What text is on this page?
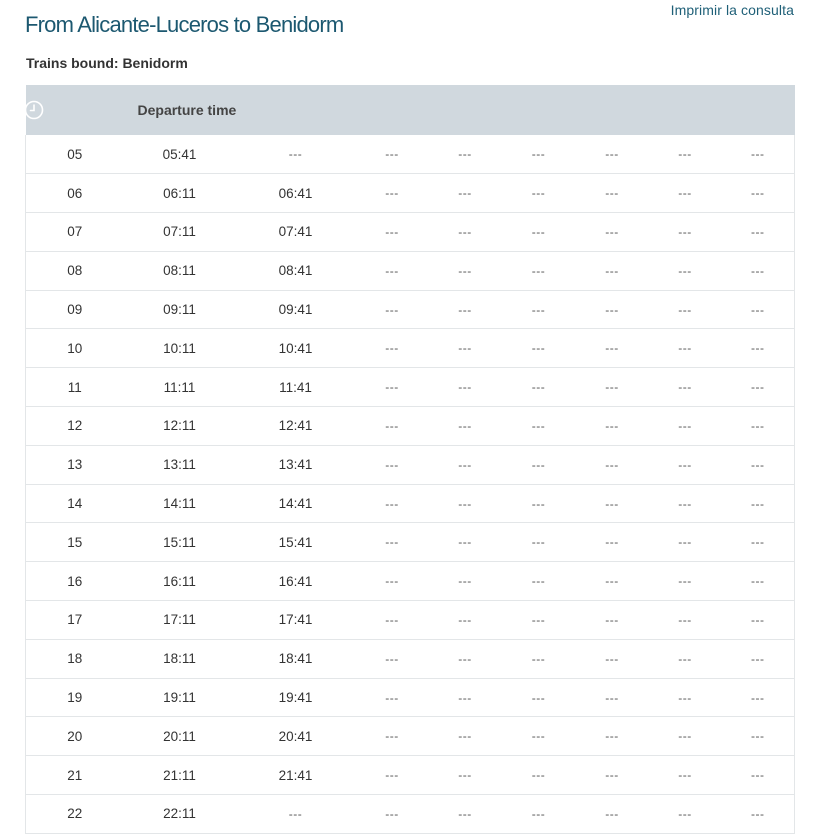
Imprimir la consulta
From Alicante-Luceros to Benidorm
Trains bound: Benidorm
	Departure time							
05	05:41	---	---	---	---	---	---	---
06	06:11	06:41	---	---	---	---	---	---
07	07:11	07:41	---	---	---	---	---	---
08	08:11	08:41	---	---	---	---	---	---
09	09:11	09:41	---	---	---	---	---	---
10	10:11	10:41	---	---	---	---	---	---
11	11:11	11:41	---	---	---	---	---	---
12	12:11	12:41	---	---	---	---	---	---
13	13:11	13:41	---	---	---	---	---	---
14	14:11	14:41	---	---	---	---	---	---
15	15:11	15:41	---	---	---	---	---	---
16	16:11	16:41	---	---	---	---	---	---
17	17:11	17:41	---	---	---	---	---	---
18	18:11	18:41	---	---	---	---	---	---
19	19:11	19:41	---	---	---	---	---	---
20	20:11	20:41	---	---	---	---	---	---
21	21:11	21:41	---	---	---	---	---	---
22	22:11	---	---	---	---	---	---	---
